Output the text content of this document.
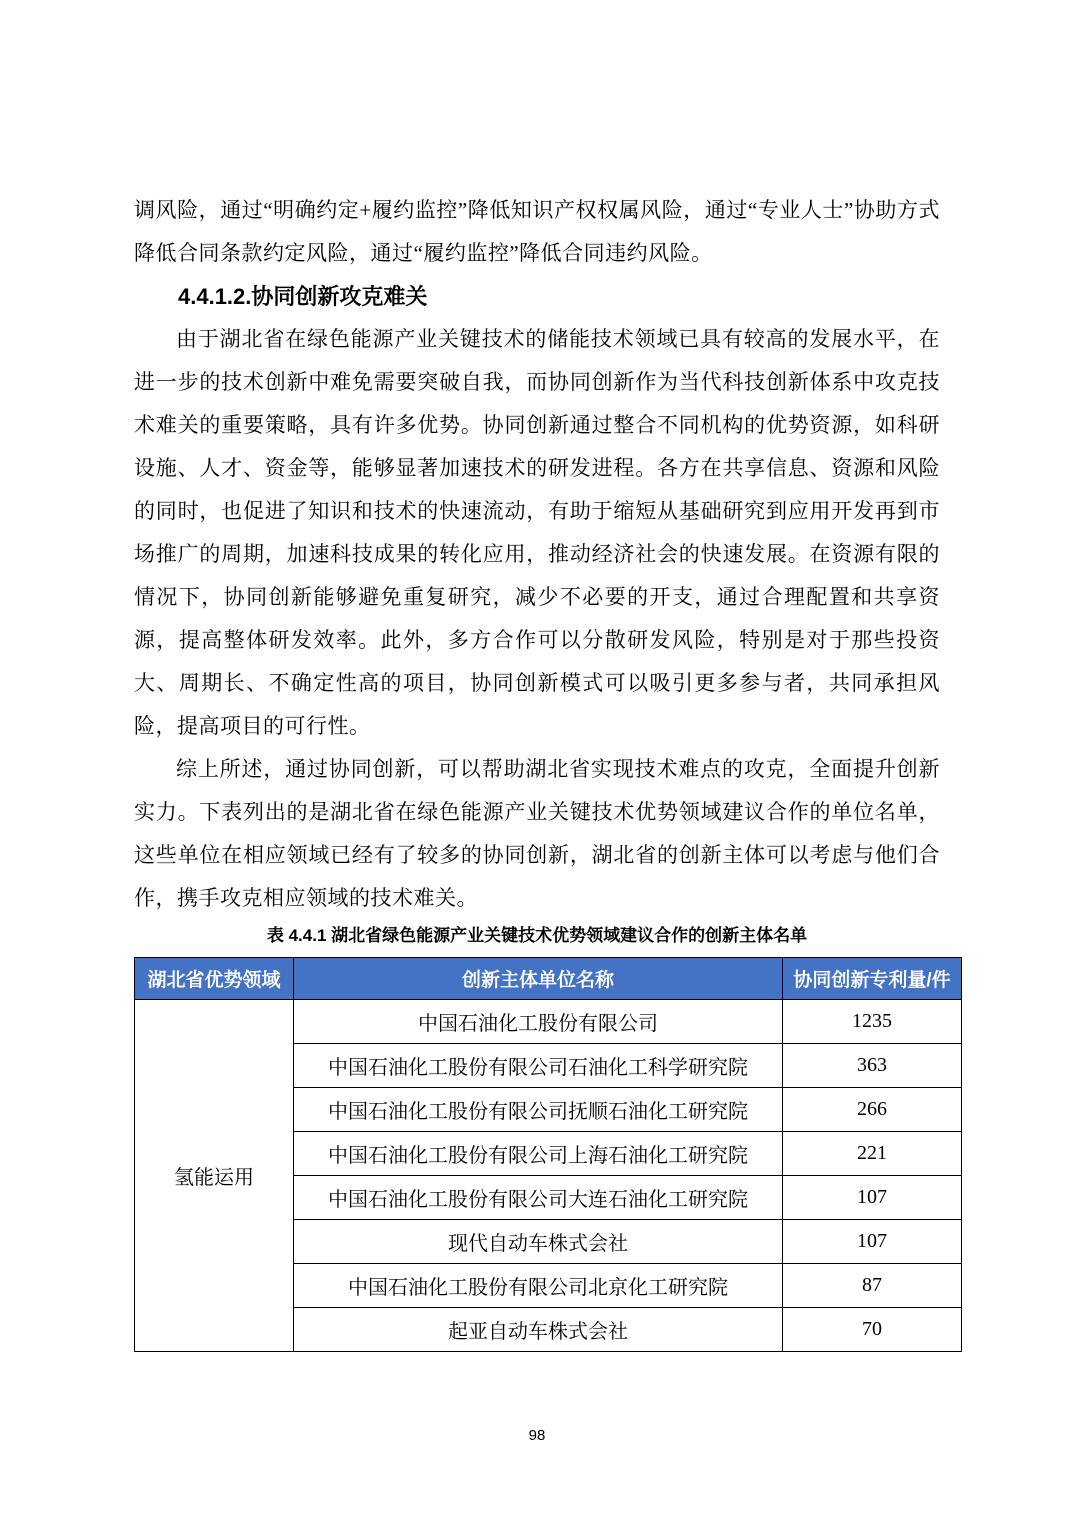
调风险，通过“明确约定+履约监控”降低知识产权权属风险，通过“专业人士”协助方式降低合同条款约定风险，通过“履约监控”降低合同违约风险。

4.4.1.2.协同创新攻克难关

由于湖北省在绿色能源产业关键技术的储能技术领域已具有较高的发展水平，在进一步的技术创新中难免需要突破自我，而协同创新作为当代科技创新体系中攻克技术难关的重要策略，具有许多优势。协同创新通过整合不同机构的优势资源，如科研设施、人才、资金等，能够显著加速技术的研发进程。各方在共享信息、资源和风险的同时，也促进了知识和技术的快速流动，有助于缩短从基础研究到应用开发再到市场推广的周期，加速科技成果的转化应用，推动经济社会的快速发展。在资源有限的情况下，协同创新能够避免重复研究，减少不必要的开支，通过合理配置和共享资源，提高整体研发效率。此外，多方合作可以分散研发风险，特别是对于那些投资大、周期长、不确定性高的项目，协同创新模式可以吸引更多参与者，共同承担风险，提高项目的可行性。

综上所述，通过协同创新，可以帮助湖北省实现技术难点的攻克，全面提升创新实力。下表列出的是湖北省在绿色能源产业关键技术优势领域建议合作的单位名单，这些单位在相应领域已经有了较多的协同创新，湖北省的创新主体可以考虑与他们合作，携手攻克相应领域的技术难关。

表 4.4.1 湖北省绿色能源产业关键技术优势领域建议合作的创新主体名单

湖北省优势领域	创新主体单位名称	协同创新专利量/件
氢能运用	中国石油化工股份有限公司	1235
	中国石油化工股份有限公司石油化工科学研究院	363
	中国石油化工股份有限公司抚顺石油化工研究院	266
	中国石油化工股份有限公司上海石油化工研究院	221
	中国石油化工股份有限公司大连石油化工研究院	107
	现代自动车株式会社	107
	中国石油化工股份有限公司北京化工研究院	87
	起亚自动车株式会社	70
98
